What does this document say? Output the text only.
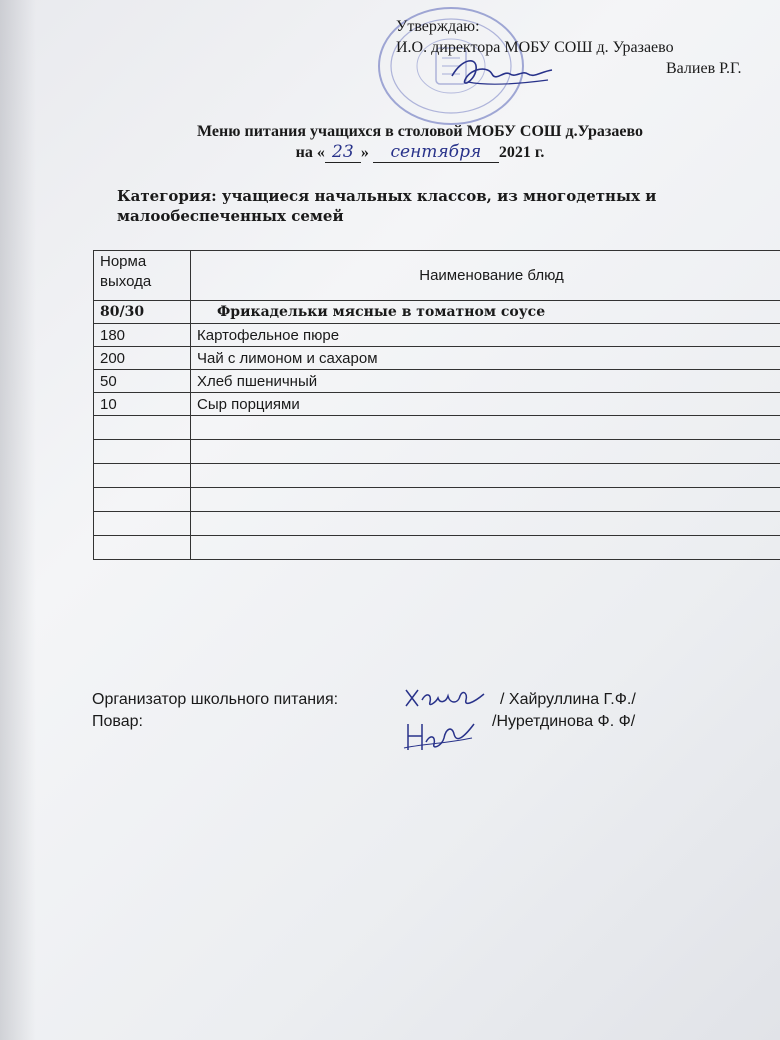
Утверждаю:
И.О. директора МОБУ СОШ д. Уразаево
Валиев Р.Г.
Меню питания учащихся в столовой МОБУ СОШ д.Уразаево
на « 23 » сентября 2021 г.
Категория: учащиеся начальных классов, из многодетных и малообеспеченных семей
Норма выхода	Наименование блюд
80/30	Фрикадельки мясные в томатном соусе
180	Картофельное пюре
200	Чай с лимоном и сахаром
50	Хлеб пшеничный
10	Сыр порциями

Организатор школьного питания:	/ Хайруллина Г.Ф./
Повар:	/Нуретдинова Ф. Ф/
